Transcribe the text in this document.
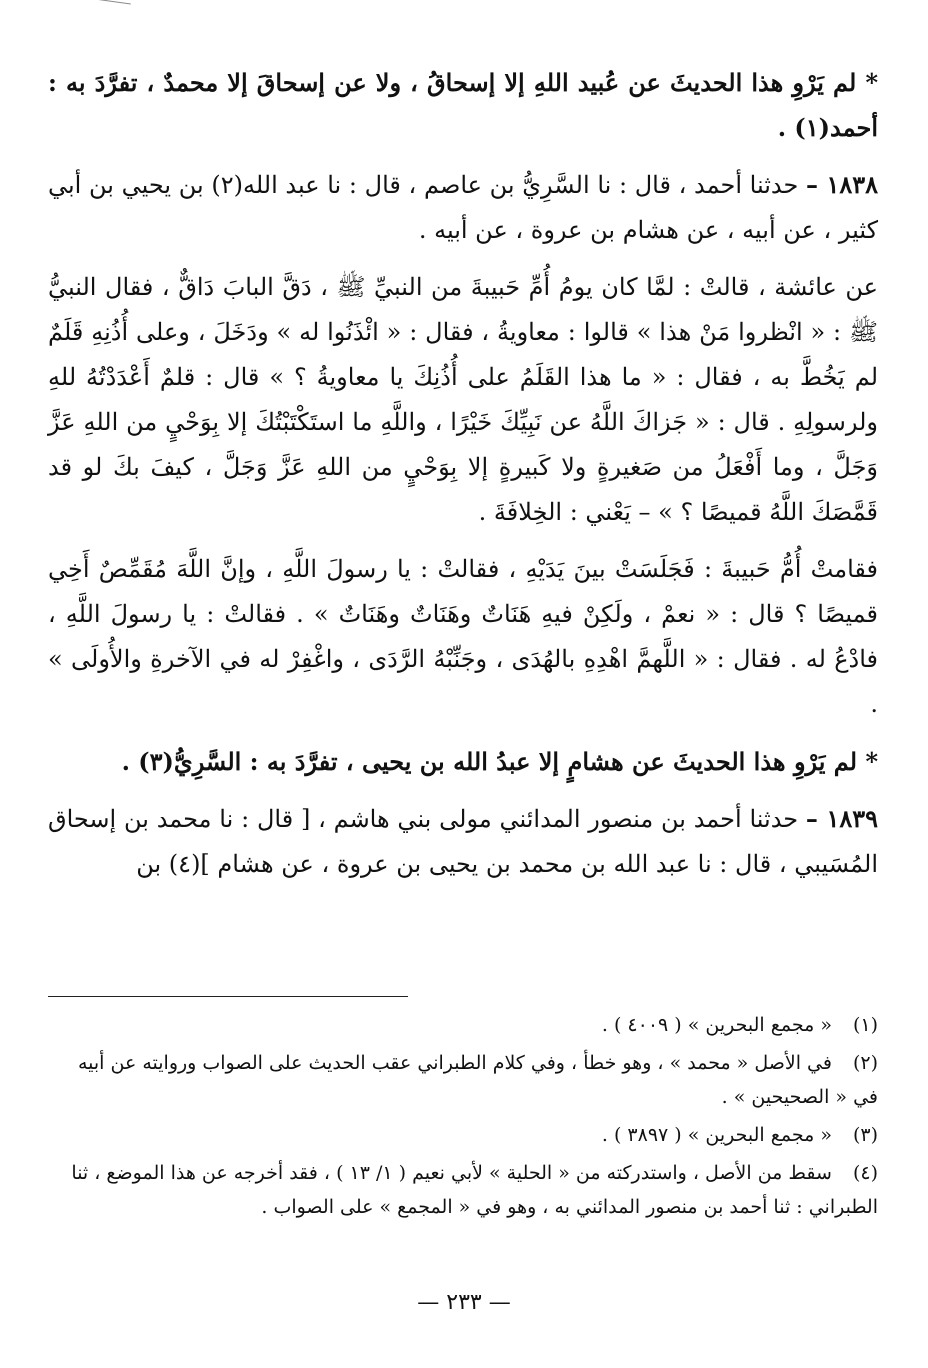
* لم يَرْوِ هذا الحديثَ عن عُبيد اللهِ إلا إسحاقُ ، ولا عن إسحاقَ إلا محمدٌ ، تفرَّدَ به : أحمد(١) .

١٨٣٨ – حدثنا أحمد ، قال : نا السَّرِيُّ بن عاصم ، قال : نا عبد الله(٢) بن يحيي بن أبي كثير ، عن أبيه ، عن هشام بن عروة ، عن أبيه .

عن عائشة ، قالتْ : لمَّا كان يومُ أُمِّ حَبيبةَ من النبيِّ ﷺ ، دَقَّ البابَ دَاقٌّ ، فقال النبيُّ ﷺ : « انْظروا مَنْ هذا » قالوا : معاويةُ ، فقال : « ائْذَنُوا له » ودَخَلَ ، وعلى أُذُنِهِ قَلَمٌ لم يَخُطَّ به ، فقال : « ما هذا القَلَمُ على أُذُنِكَ يا معاويةُ ؟ » قال : قلمٌ أَعْدَدْتُهُ للهِ ولرسولِهِ . قال : « جَزاكَ اللَّهُ عن نَبِيِّكَ خَيْرًا ، واللَّهِ ما استَكْتَبْتُكَ إلا بِوَحْيٍ من اللهِ عَزَّ وَجَلَّ ، وما أَفْعَلُ من صَغيرةٍ ولا كَبيرةٍ إلا بِوَحْيٍ من اللهِ عَزَّ وَجَلَّ ، كيفَ بكَ لو قد قَمَّصَكَ اللَّهُ قميصًا ؟ » – يَعْني : الخِلافَةَ .

فقامتْ أُمُّ حَبيبةَ : فَجَلَسَتْ بينَ يَدَيْهِ ، فقالتْ : يا رسولَ اللَّهِ ، وإنَّ اللَّهَ مُقَمِّصٌ أَخِي قميصًا ؟ قال : « نعمْ ، ولَكِنْ فيهِ هَنَاتٌ وهَنَاتٌ وهَنَاتٌ » . فقالتْ : يا رسولَ اللَّهِ ، فادْعُ له . فقال : « اللَّهمَّ اهْدِهِ بالهُدَى ، وجَنِّبْهُ الرَّدَى ، واغْفِرْ له في الآخرةِ والأُولَى » .

* لم يَرْوِ هذا الحديثَ عن هشامٍ إلا عبدُ الله بن يحيى ، تفرَّدَ به : السَّرِيُّ(٣) .

١٨٣٩ – حدثنا أحمد بن منصور المدائني مولى بني هاشم ، [ قال : نا محمد بن إسحاق المُسَيبي ، قال : نا عبد الله بن محمد بن يحيى بن عروة ، عن هشام ](٤) بن

(١) « مجمع البحرين » ( ٤٠٠٩ ) .

(٢) في الأصل « محمد » ، وهو خطأ ، وفي كلام الطبراني عقب الحديث على الصواب وروايته عن أبيه في « الصحيحين » .

(٣) « مجمع البحرين » ( ٣٨٩٧ ) .

(٤) سقط من الأصل ، واستدركته من « الحلية » لأبي نعيم ( ١/ ١٣ ) ، فقد أخرجه عن هذا الموضع ، ثنا الطبراني : ثنا أحمد بن منصور المدائني به ، وهو في « المجمع » على الصواب .

— ٢٣٣ —
